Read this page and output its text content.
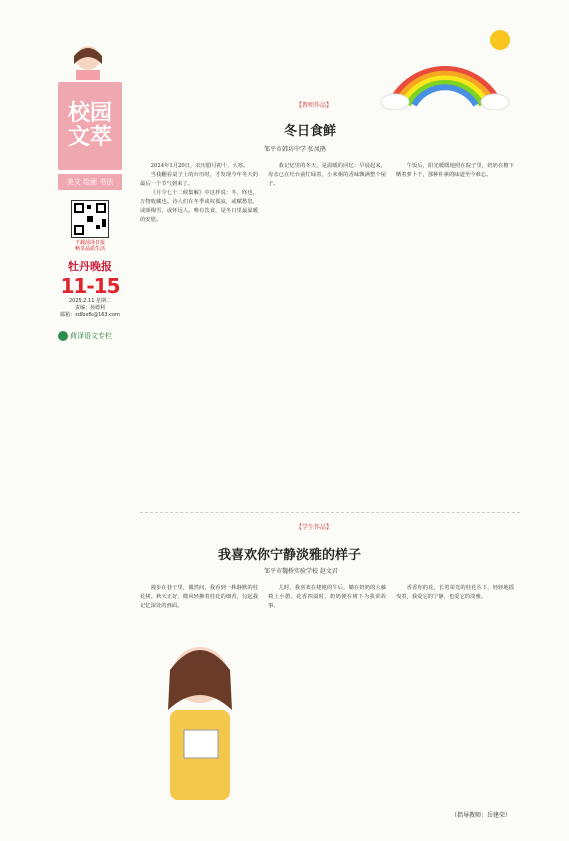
校园文萃
美文 绘画 书法
下载菏泽日报
畅享品质生活
牡丹晚报
11-15
2025.2.11 星期二
责编：孙德利
邮箱：sdlbxfk@163.com
荷泽语文专栏
【教师作品】
冬日食鲜
邹平市韩坊中学 张凤鹃

2024年1月20日，农历腊月初十，大寒。

当我翻看桌子上的台历时，才发现今年冬天的最后一个节气到来了。

《月令七十二候集解》中这样说：冬，终也，万物收藏也。诗人们在冬季或叹孤寂，或赋愁思，或颂梅雪，或怀远人。唯有饮食，是冬日里最温暖的安慰。

我记忆里的冬天，是温暖的回忆：早晨起来，母亲已在灶台前忙碌着，小米粥的香味飘满整个屋子。

午饭后，阳光暖暖地照在院子里，奶奶在檐下晒着萝卜干，那种朴素的味道至今难忘。

【学生作品】
我喜欢你宁静淡雅的样子
邹平市魏桥实验学校 赵文君

漫步在巷子里，偶然间，我看到一株静默的桂花树。秋天正好，微风轻拂着桂花的细香，勾起我记忆深处的画面。

儿时，我喜欢在姥姥的牛后，躺在奶奶的大藤椅上小憩。花香四溢时，奶奶便在树下为我讲故事。

香香你的花，长着荣光的桂花丛下，轻轻地摇曳着，我爱它的宁静，也爱它的淡雅。

（指导教师：岳建荣）
